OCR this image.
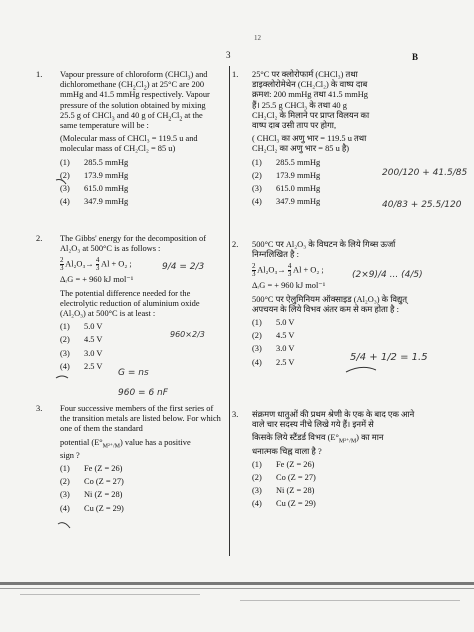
3
12
B
1. Vapour pressure of chloroform (CHCl$_3$) and dichloromethane $(CH_2Cl_2)$ at 25°C are 200 mmHg and 41.5 mmHg respectively. Vapour pressure of the solution obtained by mixing 25.5 g of CHCl$_3$ and 40 g of $CH_2Cl_2$ at the same temperature will be :

(Molecular mass of CHCl₃ = 119.5 u and molecular mass of CH₂Cl₂ = 85 u)

(1)	285.5 mmHg
(2)	173.9 mmHg
(3)	615.0 mmHg
(4)	347.9 mmHg
2. The Gibbs' energy for the decomposition of Al₂O₃ at 500°C is as follows :

$\frac{2}{3} Al_2O_3\to \frac{4}{3}$ Al + O₂ ;

ΔᵣG = + 960 kJ mol⁻¹

The potential difference needed for the electrolytic reduction of aluminium oxide (Al₂O₃) at 500°C is at least :

(1)	5.0 V
(2)	4.5 V
(3)	3.0 V
(4)	2.5 V
3. Four successive members of the first series of the transition metals are listed below. For which one of them the standard

potential $(E^\circ_{M^{2+}/M})$ value has a positive

sign ?

(1)	Fe (Z = 26)
(2)	Co (Z = 27)
(3)	Ni (Z = 28)
(4)	Cu (Z = 29)
1. 25°C पर क्लोरोफार्म (CHCl₃) तथा डाइक्लोरोमेथेन (CH₂Cl₂) के वाष्प दाब क्रमश: 200 mmHg तथा 41.5 mmHg हैं। 25.5 g CHCl₃ के तथा 40 g CH₂Cl₂ के मिलाने पर प्राप्त विलयन का वाष्प दाब उसी ताप पर होगा,

( CHCl₃ का अणु भार = 119.5 u तथा CH₂Cl₂ का अणु भार = 85 u है)

(1)	285.5 mmHg
(2)	173.9 mmHg
(3)	615.0 mmHg
(4)	347.9 mmHg
2. 500°C पर Al₂O₃ के विघटन के लिये गिब्स ऊर्जा निम्नलिखित है :

$\frac{2}{3} Al_2O_3\to \frac{4}{3}$ Al + O₂ ;

ΔᵣG = + 960 kJ mol⁻¹

500°C पर ऐलुमिनियम ऑक्साइड (Al₂O₃) के विद्युत् अपचयन के लिये विभव अंतर कम से कम होता है :

(1)	5.0 V
(2)	4.5 V
(3)	3.0 V
(4)	2.5 V
3. संक्रमण धातुओं की प्रथम श्रेणी के एक के बाद एक आने वाले चार सदस्य नीचे लिखे गये हैं। इनमें से

किसके लिये स्टैंडर्ड विभव $(E^\circ_{M^{2+}/M})$ का मान

धनात्मक चिह्न वाला है ?

(1)	Fe (Z = 26)
(2)	Co (Z = 27)
(3)	Ni (Z = 28)
(4)	Cu (Z = 29)
200/120 + 41.5/85
40/83 + 25.5/120
(2×9)/4 ... (4/5)
5/4 + 1/2 = 1.5
9/4 = 2/3
960×2/3
G = ns
960 = 6 nF
